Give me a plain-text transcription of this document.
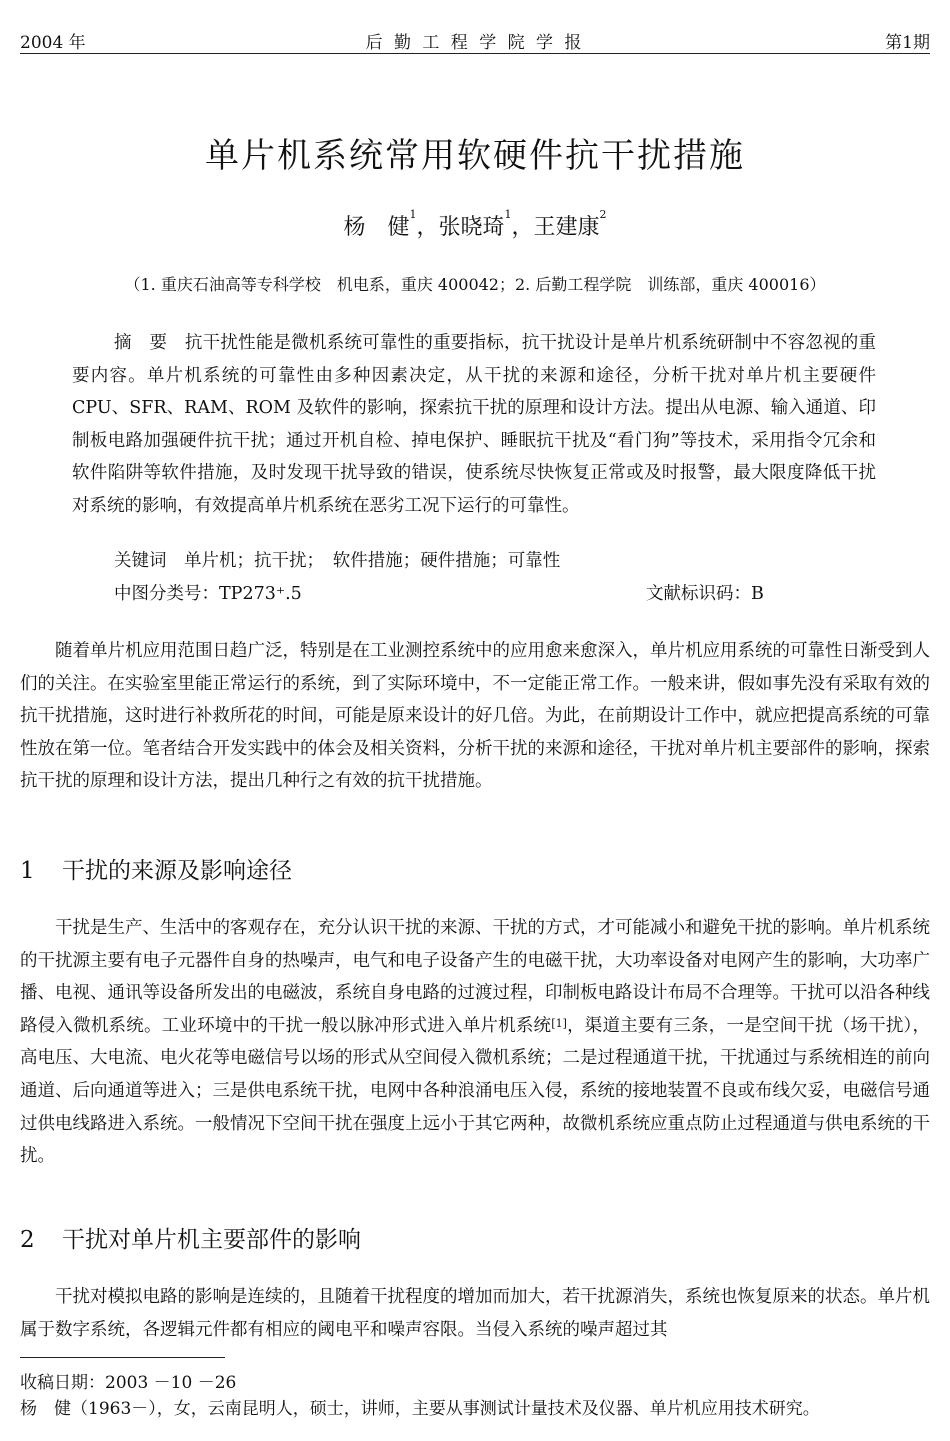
2004 年	后 勤 工 程 学 院 学 报	第1期
单片机系统常用软硬件抗干扰措施
杨　健$^1$，张晓琦$^1$，王建康$^2$
（1. 重庆石油高等专科学校　机电系，重庆 400042；2. 后勤工程学院　训练部，重庆 400016）

摘　要　 抗干扰性能是微机系统可靠性的重要指标，抗干扰设计是单片机系统研制中不容忽视的重要内容。单片机系统的可靠性由多种因素决定，从干扰的来源和途径，分析干扰对单片机主要硬件 CPU、SFR、RAM、ROM 及软件的影响，探索抗干扰的原理和设计方法。提出从电源、输入通道、印制板电路加强硬件抗干扰；通过开机自检、掉电保护、睡眠抗干扰及“看门狗”等技术，采用指令冗余和软件陷阱等软件措施，及时发现干扰导致的错误，使系统尽快恢复正常或及时报警，最大限度降低干扰对系统的影响，有效提高单片机系统在恶劣工况下运行的可靠性。

关键词　 单片机；抗干扰；　软件措施；硬件措施；可靠性
中图分类号：TP273⁺.5	文献标识码：B

随着单片机应用范围日趋广泛，特别是在工业测控系统中的应用愈来愈深入，单片机应用系统的可靠性日渐受到人们的关注。在实验室里能正常运行的系统，到了实际环境中，不一定能正常工作。一般来讲，假如事先没有采取有效的抗干扰措施，这时进行补救所花的时间，可能是原来设计的好几倍。为此，在前期设计工作中，就应把提高系统的可靠性放在第一位。笔者结合开发实践中的体会及相关资料，分析干扰的来源和途径，干扰对单片机主要部件的影响，探索抗干扰的原理和设计方法，提出几种行之有效的抗干扰措施。

1 干扰的来源及影响途径

干扰是生产、生活中的客观存在，充分认识干扰的来源、干扰的方式，才可能减小和避免干扰的影响。单片机系统的干扰源主要有电子元器件自身的热噪声，电气和电子设备产生的电磁干扰，大功率设备对电网产生的影响，大功率广播、电视、通讯等设备所发出的电磁波，系统自身电路的过渡过程，印制板电路设计布局不合理等。干扰可以沿各种线路侵入微机系统。工业环境中的干扰一般以脉冲形式进入单片机系统[1]，渠道主要有三条，一是空间干扰（场干扰），高电压、大电流、电火花等电磁信号以场的形式从空间侵入微机系统；二是过程通道干扰，干扰通过与系统相连的前向通道、后向通道等进入；三是供电系统干扰，电网中各种浪涌电压入侵，系统的接地装置不良或布线欠妥，电磁信号通过供电线路进入系统。一般情况下空间干扰在强度上远小于其它两种，故微机系统应重点防止过程通道与供电系统的干扰。

2 干扰对单片机主要部件的影响

干扰对模拟电路的影响是连续的，且随着干扰程度的增加而加大，若干扰源消失，系统也恢复原来的状态。单片机属于数字系统，各逻辑元件都有相应的阈电平和噪声容限。当侵入系统的噪声超过其

收稿日期：2003 －10 －26
杨　健（1963－），女，云南昆明人，硕士，讲师，主要从事测试计量技术及仪器、单片机应用技术研究。
